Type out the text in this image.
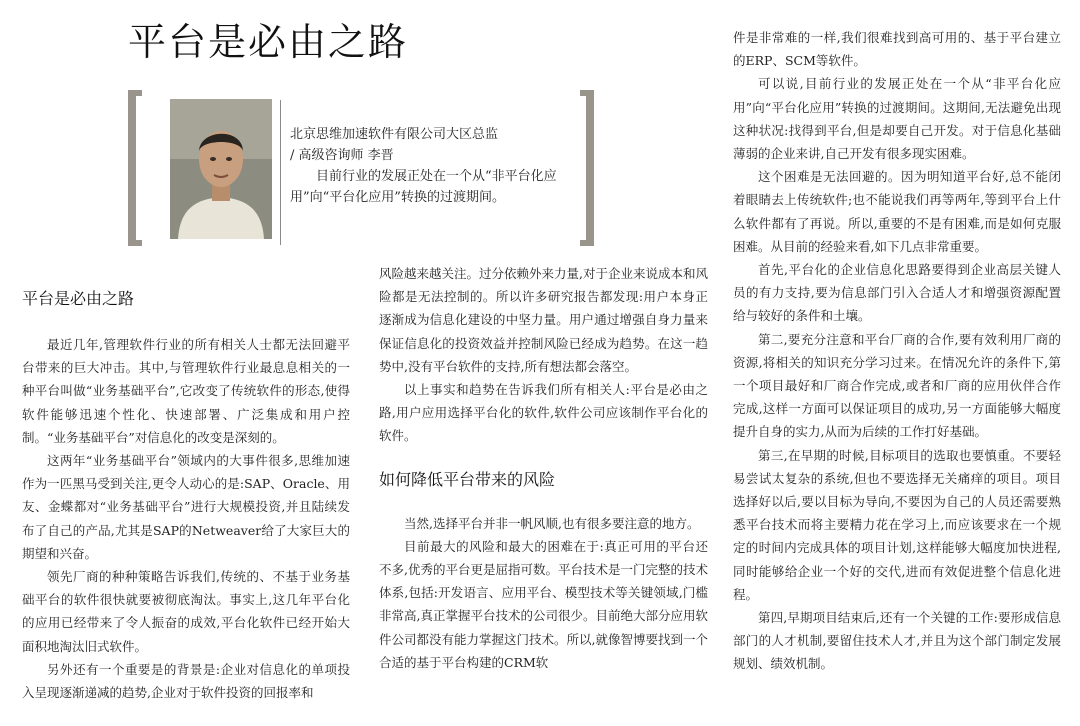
平台是必由之路

北京思维加速软件有限公司大区总监

/ 高级咨询师 李晋

目前行业的发展正处在一个从“非平台化应用”向“平台化应用”转换的过渡期间。

平台是必由之路

最近几年,管理软件行业的所有相关人士都无法回避平台带来的巨大冲击。其中,与管理软件行业最息息相关的一种平台叫做“业务基础平台”,它改变了传统软件的形态,使得软件能够迅速个性化、快速部署、广泛集成和用户控制。“业务基础平台”对信息化的改变是深刻的。

这两年“业务基础平台”领域内的大事件很多,思维加速作为一匹黑马受到关注,更令人动心的是:SAP、Oracle、用友、金蝶都对“业务基础平台”进行大规模投资,并且陆续发布了自己的产品,尤其是SAP的Netweaver给了大家巨大的期望和兴奋。

领先厂商的种种策略告诉我们,传统的、不基于业务基础平台的软件很快就要被彻底淘汰。事实上,这几年平台化的应用已经带来了令人振奋的成效,平台化软件已经开始大面积地淘汰旧式软件。

另外还有一个重要是的背景是:企业对信息化的单项投入呈现逐渐递减的趋势,企业对于软件投资的回报率和

风险越来越关注。过分依赖外来力量,对于企业来说成本和风险都是无法控制的。所以许多研究报告都发现:用户本身正逐渐成为信息化建设的中坚力量。用户通过增强自身力量来保证信息化的投资效益并控制风险已经成为趋势。在这一趋势中,没有平台软件的支持,所有想法都会落空。

以上事实和趋势在告诉我们所有相关人:平台是必由之路,用户应用选择平台化的软件,软件公司应该制作平台化的软件。

如何降低平台带来的风险

当然,选择平台并非一帆风顺,也有很多要注意的地方。

目前最大的风险和最大的困难在于:真正可用的平台还不多,优秀的平台更是屈指可数。平台技术是一门完整的技术体系,包括:开发语言、应用平台、模型技术等关键领域,门槛非常高,真正掌握平台技术的公司很少。目前绝大部分应用软件公司都没有能力掌握这门技术。所以,就像智博要找到一个合适的基于平台构建的CRM软

件是非常难的一样,我们很难找到高可用的、基于平台建立的ERP、SCM等软件。

可以说,目前行业的发展正处在一个从“非平台化应用”向“平台化应用”转换的过渡期间。这期间,无法避免出现这种状况:找得到平台,但是却要自己开发。对于信息化基础薄弱的企业来讲,自己开发有很多现实困难。

这个困难是无法回避的。因为明知道平台好,总不能闭着眼睛去上传统软件;也不能说我们再等两年,等到平台上什么软件都有了再说。所以,重要的不是有困难,而是如何克服困难。从目前的经验来看,如下几点非常重要。

首先,平台化的企业信息化思路要得到企业高层关键人员的有力支持,要为信息部门引入合适人才和增强资源配置给与较好的条件和土壤。

第二,要充分注意和平台厂商的合作,要有效利用厂商的资源,将相关的知识充分学习过来。在情况允许的条件下,第一个项目最好和厂商合作完成,或者和厂商的应用伙伴合作完成,这样一方面可以保证项目的成功,另一方面能够大幅度提升自身的实力,从而为后续的工作打好基础。

第三,在早期的时候,目标项目的选取也要慎重。不要轻易尝试太复杂的系统,但也不要选择无关痛痒的项目。项目选择好以后,要以目标为导向,不要因为自己的人员还需要熟悉平台技术而将主要精力花在学习上,而应该要求在一个规定的时间内完成具体的项目计划,这样能够大幅度加快进程,同时能够给企业一个好的交代,进而有效促进整个信息化进程。

第四,早期项目结束后,还有一个关键的工作:要形成信息部门的人才机制,要留住技术人才,并且为这个部门制定发展规划、绩效机制。
